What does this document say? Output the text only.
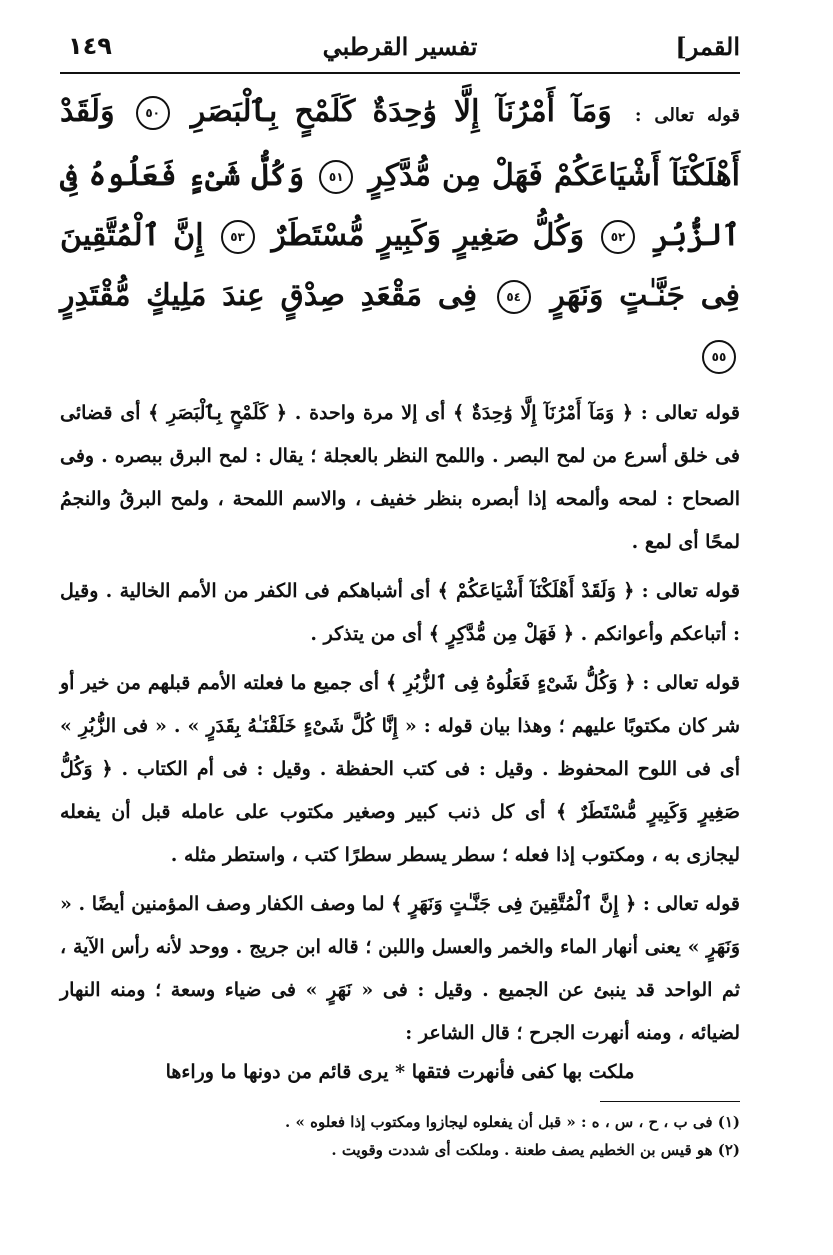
القمر]
تفسير القرطبي
١٤٩
قوله تعالى : وَمَآ أَمْرُنَآ إِلَّا وَٰحِدَةٌ كَلَمْحٍ بِٱلْبَصَرِ ٥٠ وَلَقَدْ أَهْلَكْنَآ أَشْيَاعَكُمْ فَهَلْ مِن مُّدَّكِرٍ ٥١ وَكُلُّ شَىْءٍ فَعَلُوهُ فِى ٱلزُّبُرِ ٥٢ وَكُلُّ صَغِيرٍ وَكَبِيرٍ مُّسْتَطَرٌ ٥٣ إِنَّ ٱلْمُتَّقِينَ فِى جَنَّـٰتٍ وَنَهَرٍ ٥٤ فِى مَقْعَدِ صِدْقٍ عِندَ مَلِيكٍ مُّقْتَدِرٍ ٥٥

قوله تعالى : ﴿ وَمَآ أَمْرُنَآ إِلَّا وَٰحِدَةٌ ﴾ أى إلا مرة واحدة . ﴿ كَلَمْحٍ بِٱلْبَصَرِ ﴾ أى قضائى فى خلق أسرع من لمح البصر . واللمح النظر بالعجلة ؛ يقال : لمح البرق ببصره . وفى الصحاح : لمحه وألمحه إذا أبصره بنظر خفيف ، والاسم اللمحة ، ولمح البرقُ والنجمُ لمحًا أى لمع .

قوله تعالى : ﴿ وَلَقَدْ أَهْلَكْنَآ أَشْيَاعَكُمْ ﴾ أى أشباهكم فى الكفر من الأمم الخالية . وقيل : أتباعكم وأعوانكم . ﴿ فَهَلْ مِن مُّدَّكِرٍ ﴾ أى من يتذكر .

قوله تعالى : ﴿ وَكُلُّ شَىْءٍ فَعَلُوهُ فِى ٱلزُّبُرِ ﴾ أى جميع ما فعلته الأمم قبلهم من خير أو شر كان مكتوبًا عليهم ؛ وهذا بيان قوله : « إِنَّا كُلَّ شَىْءٍ خَلَقْنَـٰهُ بِقَدَرٍ » . « فى الزُّبُرِ » أى فى اللوح المحفوظ . وقيل : فى كتب الحفظة . وقيل : فى أم الكتاب . ﴿ وَكُلُّ صَغِيرٍ وَكَبِيرٍ مُّسْتَطَرٌ ﴾ أى كل ذنب كبير وصغير مكتوب على عامله قبل أن يفعله ليجازى به ، ومكتوب إذا فعله ؛ سطر يسطر سطرًا كتب ، واستطر مثله .

قوله تعالى : ﴿ إِنَّ ٱلْمُتَّقِينَ فِى جَنَّـٰتٍ وَنَهَرٍ ﴾ لما وصف الكفار وصف المؤمنين أيضًا . « وَنَهَرٍ » يعنى أنهار الماء والخمر والعسل واللبن ؛ قاله ابن جريج . ووحد لأنه رأس الآية ، ثم الواحد قد ينبئ عن الجميع . وقيل : فى « نَهَرٍ » فى ضياء وسعة ؛ ومنه النهار لضيائه ، ومنه أنهرت الجرح ؛ قال الشاعر :

ملكت بها كفى فأنهرت فتقها * يرى قائم من دونها ما وراءها
(١) فى ب ، ح ، س ، ه : « قبل أن يفعلوه ليجازوا ومكتوب إذا فعلوه » .
(٢) هو قيس بن الخطيم يصف طعنة . وملكت أى شددت وقويت .
